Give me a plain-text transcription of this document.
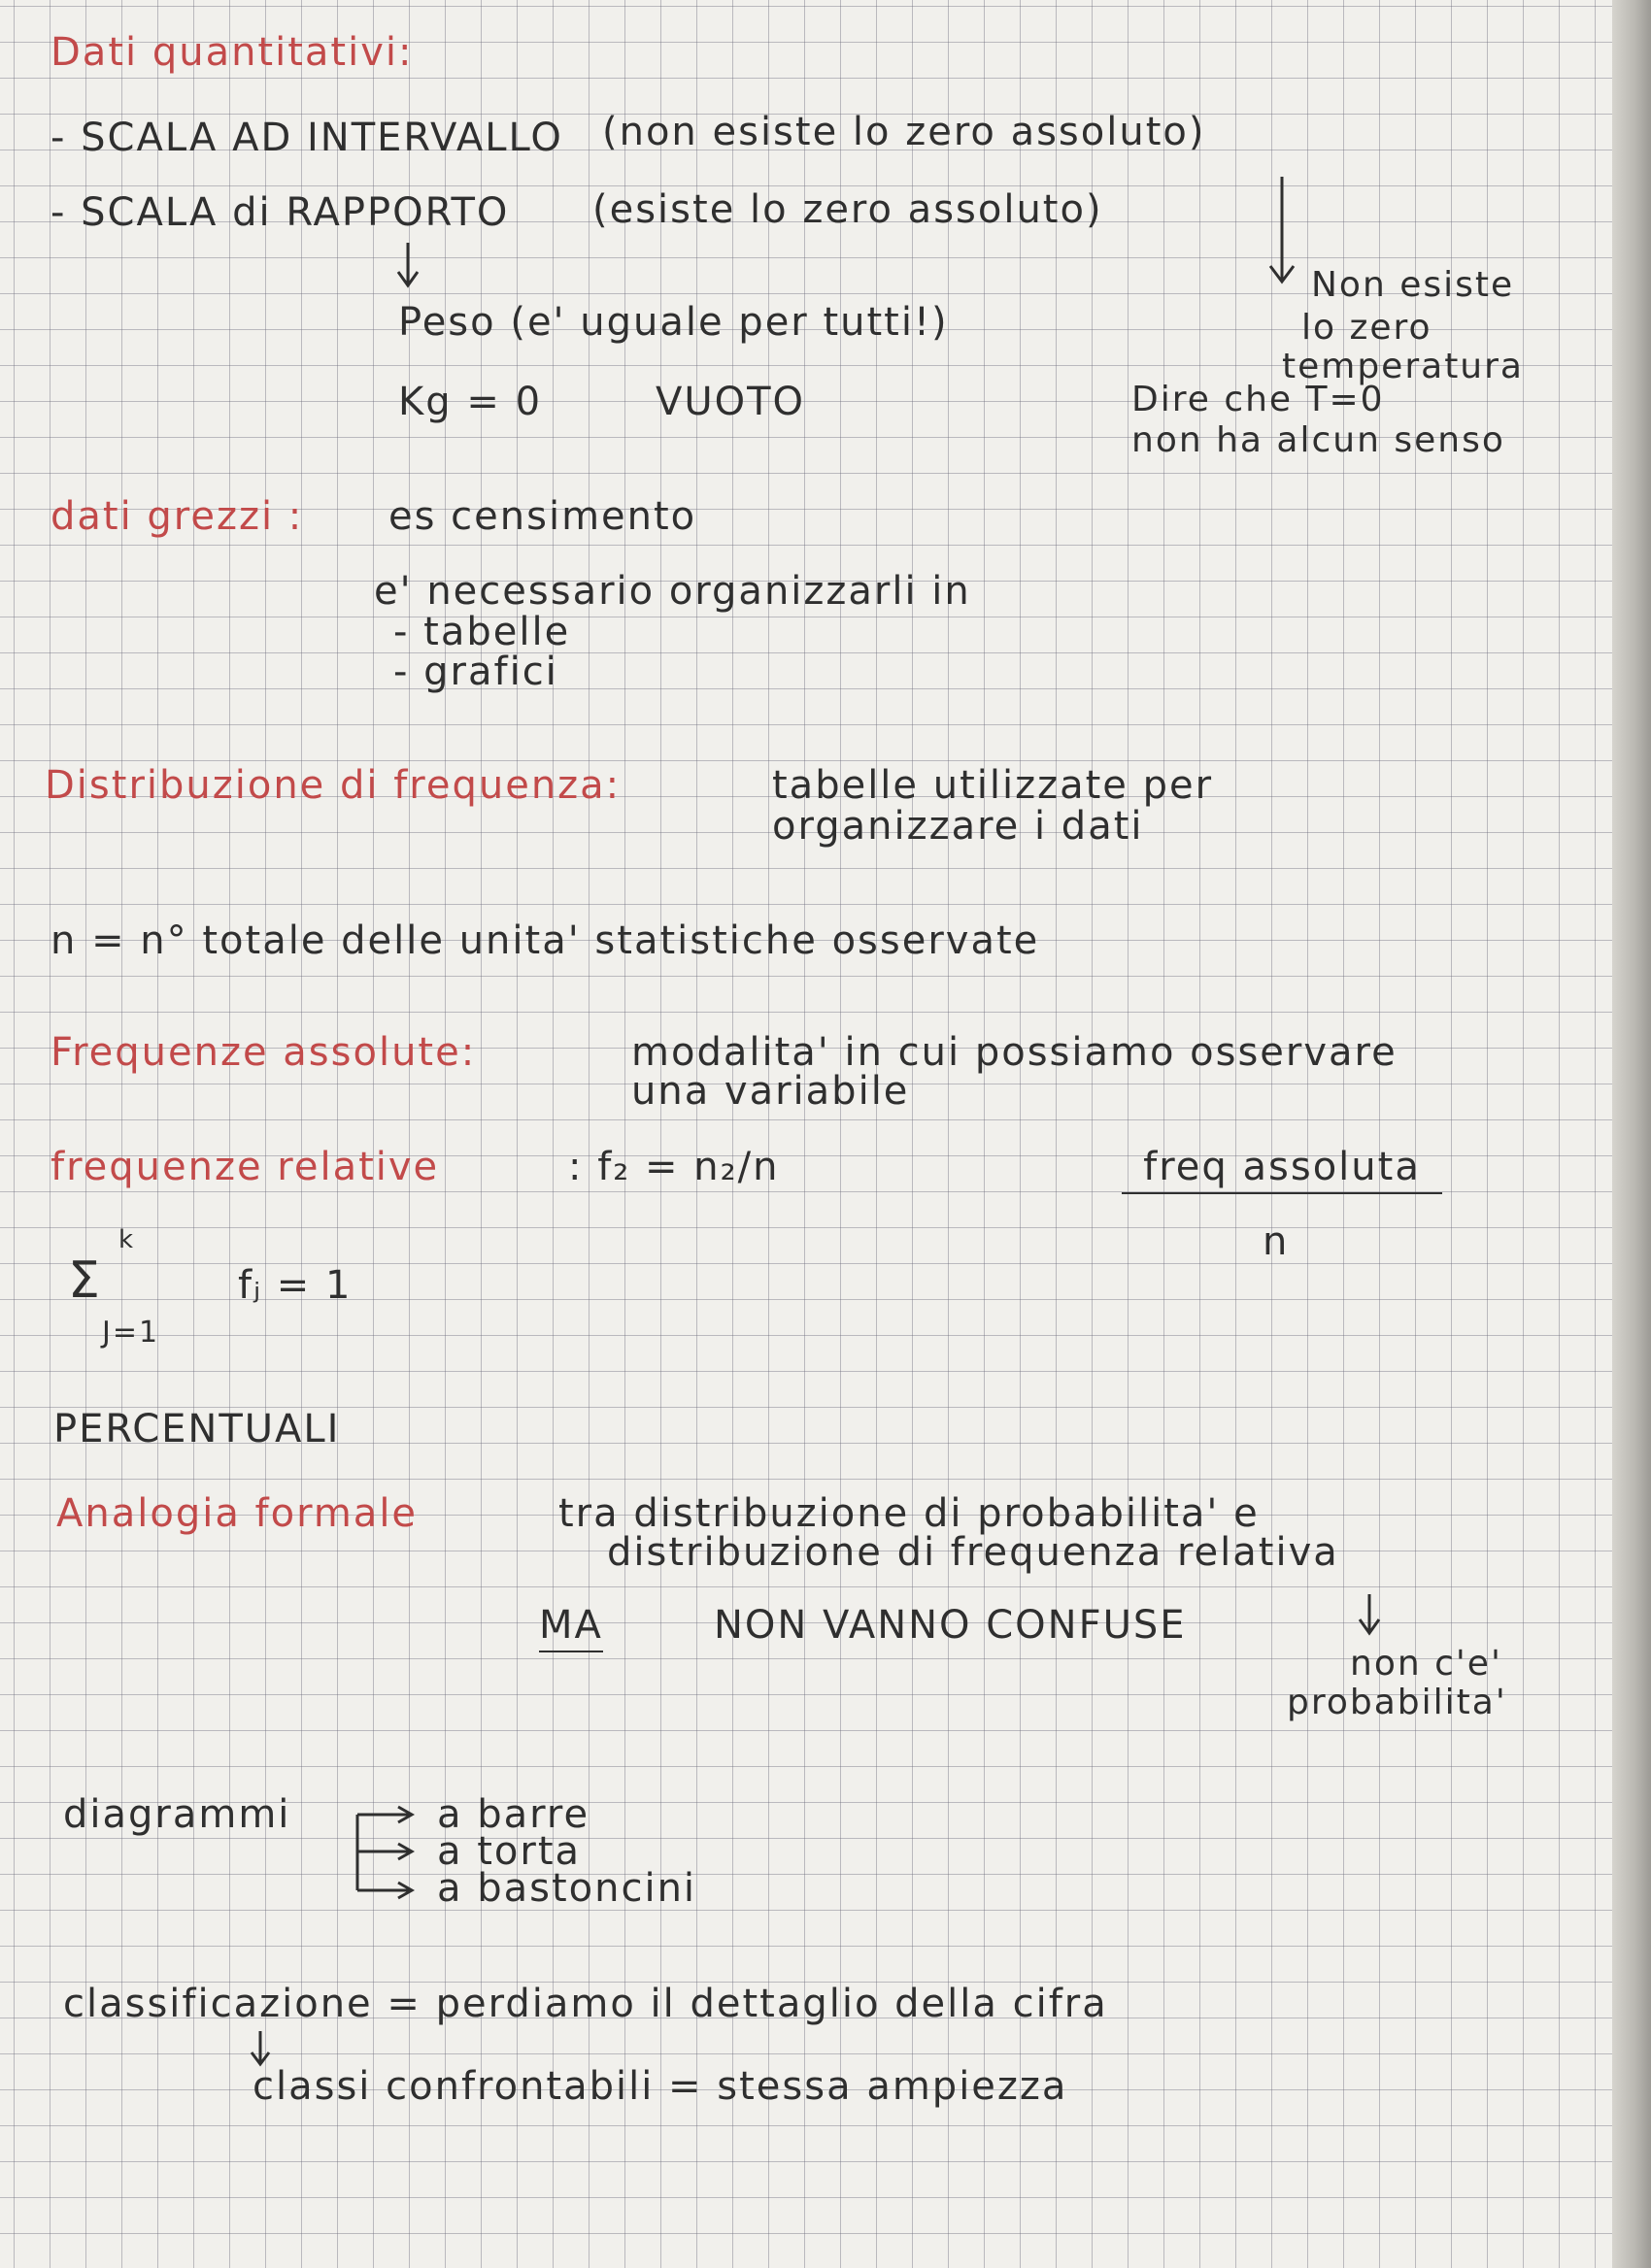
Dati quantitativi:
- SCALA AD INTERVALLO (non esiste lo zero assoluto)
- SCALA di RAPPORTO (esiste lo zero assoluto)
Peso (e' uguale per tutti!)
Kg = 0	VUOTO
Non esiste
lo zero
temperatura
Dire che T=0
non ha alcun senso
dati grezzi : es censimento
e' necessario organizzarli in
- tabelle
- grafici
Distribuzione di frequenza:	tabelle utilizzate per
organizzare i dati
n = n° totale delle unita' statistiche osservate
Frequenze assolute:	modalita' in cui possiamo osservare
una variabile
frequenze relative	: f₂ = n₂/n	freq assoluta
n
Σ
k
J=1
fⱼ = 1
PERCENTUALI
Analogia formale	tra distribuzione di probabilita' e
distribuzione di frequenza relativa
MA	NON VANNO CONFUSE
non c'e'
probabilita'
diagrammi	a barre
a torta
a bastoncini
classificazione = perdiamo il dettaglio della cifra
classi confrontabili = stessa ampiezza
